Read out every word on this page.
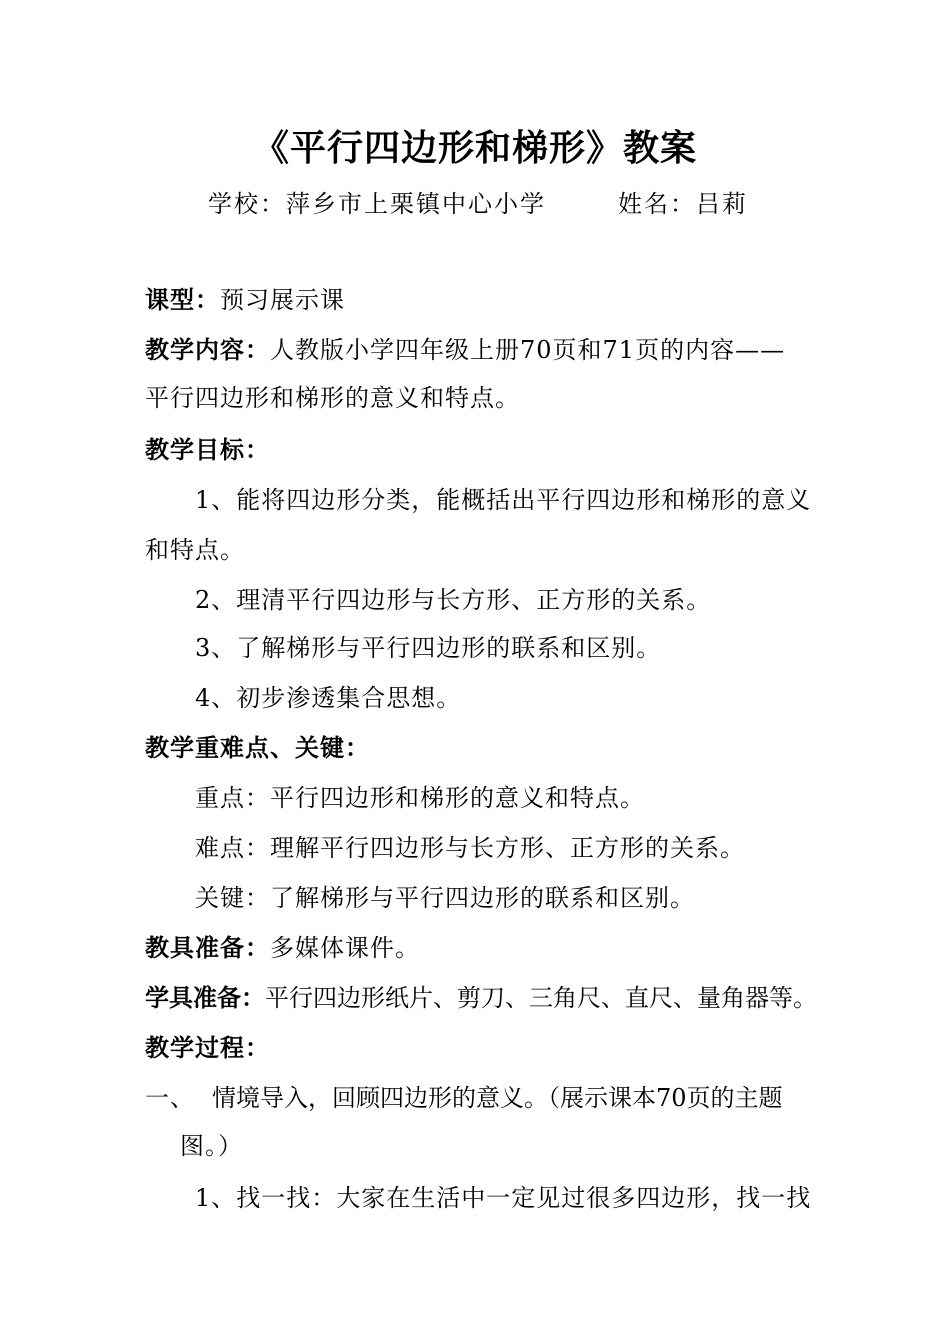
《平行四边形和梯形》教案
学校：萍乡市上栗镇中心小学	姓名：吕莉
课型：预习展示课
教学内容：人教版小学四年级上册70页和71页的内容——
平行四边形和梯形的意义和特点。
教学目标：
1、能将四边形分类，能概括出平行四边形和梯形的意义
和特点。
2、理清平行四边形与长方形、正方形的关系。
3、了解梯形与平行四边形的联系和区别。
4、初步渗透集合思想。
教学重难点、关键：
重点：平行四边形和梯形的意义和特点。
难点：理解平行四边形与长方形、正方形的关系。
关键：了解梯形与平行四边形的联系和区别。
教具准备：多媒体课件。
学具准备：平行四边形纸片、剪刀、三角尺、直尺、量角器等。
教学过程：
一、 情境导入，回顾四边形的意义。（展示课本70页的主题
图。）
1、找一找：大家在生活中一定见过很多四边形，找一找
